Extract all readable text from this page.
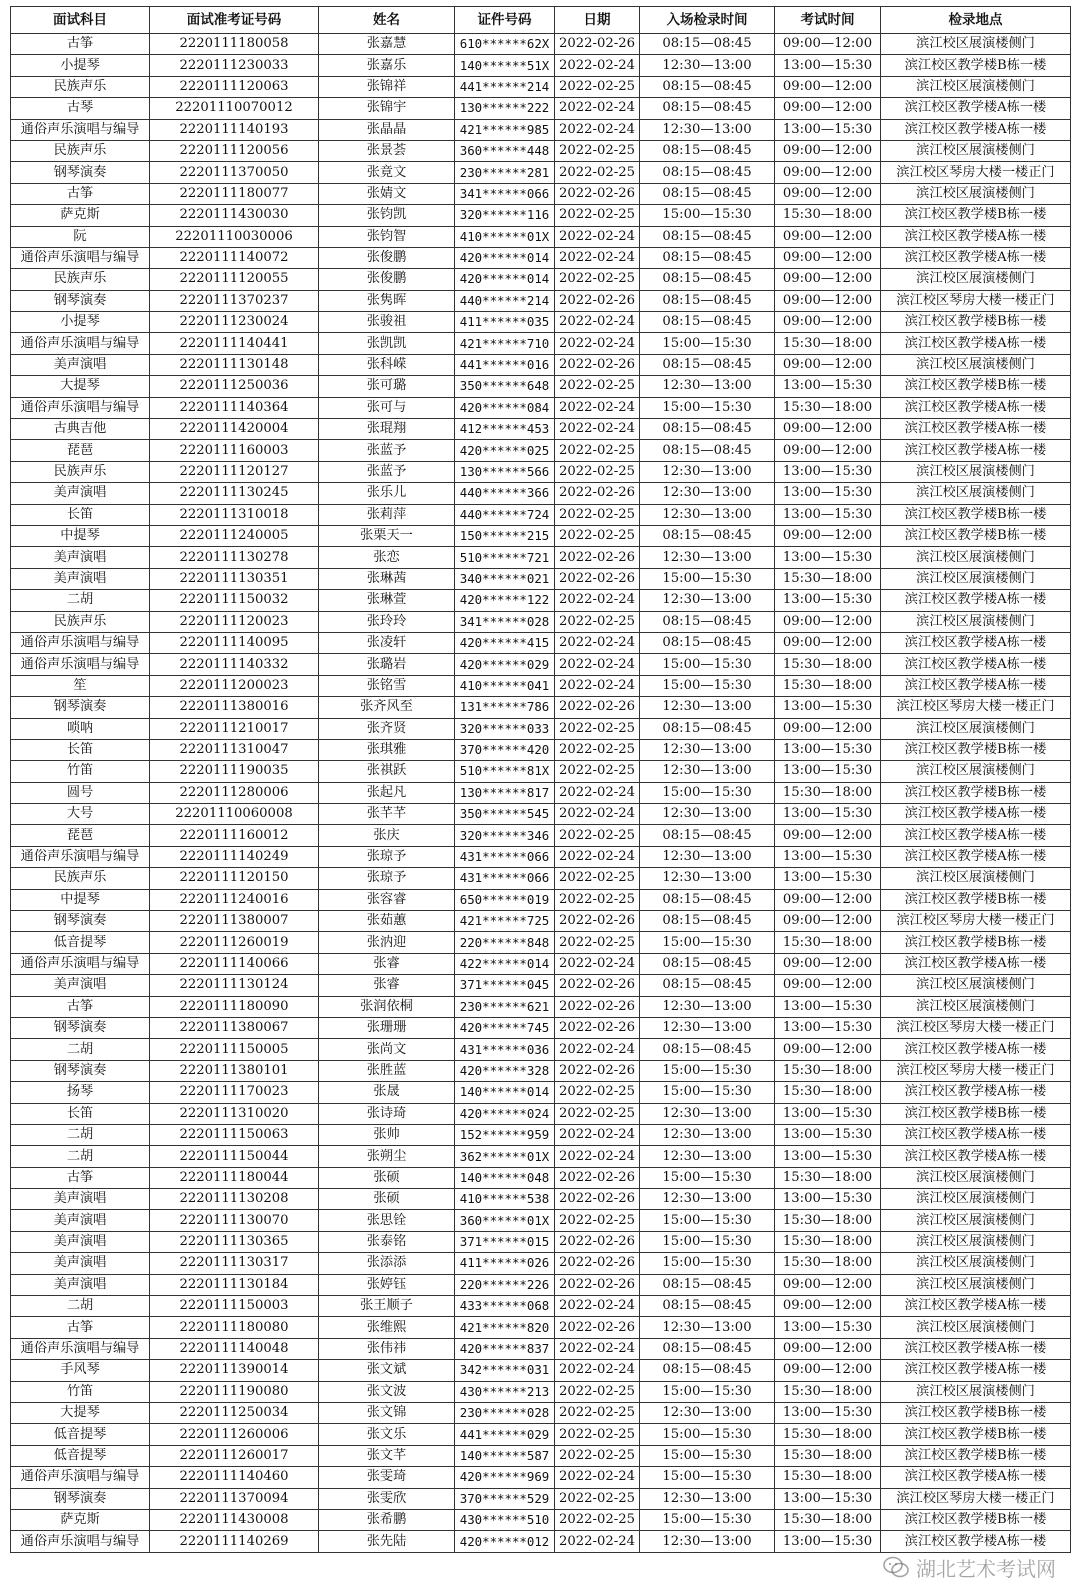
面试科目	面试准考证号码	姓名	证件号码	日期	入场检录时间	考试时间	检录地点
古筝	2220111180058	张嘉慧	610******62X	2022-02-26	08:15—08:45	09:00—12:00	滨江校区展演楼侧门
小提琴	2220111230033	张嘉乐	140******51X	2022-02-24	12:30—13:00	13:00—15:30	滨江校区教学楼B栋一楼
民族声乐	2220111120063	张锦祥	441******214	2022-02-25	08:15—08:45	09:00—12:00	滨江校区展演楼侧门
古琴	22201110070012	张锦宇	130******222	2022-02-24	08:15—08:45	09:00—12:00	滨江校区教学楼A栋一楼
通俗声乐演唱与编导	2220111140193	张晶晶	421******985	2022-02-24	12:30—13:00	13:00—15:30	滨江校区教学楼A栋一楼
民族声乐	2220111120056	张景荟	360******448	2022-02-25	08:15—08:45	09:00—12:00	滨江校区展演楼侧门
钢琴演奏	2220111370050	张竟文	230******281	2022-02-25	08:15—08:45	09:00—12:00	滨江校区琴房大楼一楼正门
古筝	2220111180077	张婧文	341******066	2022-02-26	08:15—08:45	09:00—12:00	滨江校区展演楼侧门
萨克斯	2220111430030	张钧凯	320******116	2022-02-25	15:00—15:30	15:30—18:00	滨江校区教学楼B栋一楼
阮	22201110030006	张钧智	410******01X	2022-02-24	08:15—08:45	09:00—12:00	滨江校区教学楼A栋一楼
通俗声乐演唱与编导	2220111140072	张俊鹏	420******014	2022-02-24	08:15—08:45	09:00—12:00	滨江校区教学楼A栋一楼
民族声乐	2220111120055	张俊鹏	420******014	2022-02-25	08:15—08:45	09:00—12:00	滨江校区展演楼侧门
钢琴演奏	2220111370237	张隽晖	440******214	2022-02-26	08:15—08:45	09:00—12:00	滨江校区琴房大楼一楼正门
小提琴	2220111230024	张骏祖	411******035	2022-02-24	08:15—08:45	09:00—12:00	滨江校区教学楼B栋一楼
通俗声乐演唱与编导	2220111140441	张凯凯	421******710	2022-02-24	15:00—15:30	15:30—18:00	滨江校区教学楼A栋一楼
美声演唱	2220111130148	张科嵘	441******016	2022-02-26	08:15—08:45	09:00—12:00	滨江校区展演楼侧门
大提琴	2220111250036	张可璐	350******648	2022-02-25	12:30—13:00	13:00—15:30	滨江校区教学楼B栋一楼
通俗声乐演唱与编导	2220111140364	张可与	420******084	2022-02-24	15:00—15:30	15:30—18:00	滨江校区教学楼A栋一楼
古典吉他	2220111420004	张琨翔	412******453	2022-02-24	08:15—08:45	09:00—12:00	滨江校区教学楼A栋一楼
琵琶	2220111160003	张蓝予	420******025	2022-02-25	08:15—08:45	09:00—12:00	滨江校区教学楼A栋一楼
民族声乐	2220111120127	张蓝予	130******566	2022-02-25	12:30—13:00	13:00—15:30	滨江校区展演楼侧门
美声演唱	2220111130245	张乐儿	440******366	2022-02-26	12:30—13:00	13:00—15:30	滨江校区展演楼侧门
长笛	2220111310018	张莉萍	440******724	2022-02-25	12:30—13:00	13:00—15:30	滨江校区教学楼B栋一楼
中提琴	2220111240005	张栗天一	150******215	2022-02-25	08:15—08:45	09:00—12:00	滨江校区教学楼B栋一楼
美声演唱	2220111130278	张恋	510******721	2022-02-26	12:30—13:00	13:00—15:30	滨江校区展演楼侧门
美声演唱	2220111130351	张琳茜	340******021	2022-02-26	15:00—15:30	15:30—18:00	滨江校区展演楼侧门
二胡	2220111150032	张琳萱	420******122	2022-02-24	12:30—13:00	13:00—15:30	滨江校区教学楼A栋一楼
民族声乐	2220111120023	张玲玲	341******028	2022-02-25	08:15—08:45	09:00—12:00	滨江校区展演楼侧门
通俗声乐演唱与编导	2220111140095	张凌轩	420******415	2022-02-24	08:15—08:45	09:00—12:00	滨江校区教学楼A栋一楼
通俗声乐演唱与编导	2220111140332	张璐岩	420******029	2022-02-24	15:00—15:30	15:30—18:00	滨江校区教学楼A栋一楼
笙	2220111200023	张铭雪	410******041	2022-02-24	15:00—15:30	15:30—18:00	滨江校区教学楼A栋一楼
钢琴演奏	2220111380016	张齐风至	131******786	2022-02-26	12:30—13:00	13:00—15:30	滨江校区琴房大楼一楼正门
唢呐	2220111210017	张齐贤	320******033	2022-02-25	08:15—08:45	09:00—12:00	滨江校区展演楼侧门
长笛	2220111310047	张琪雅	370******420	2022-02-25	12:30—13:00	13:00—15:30	滨江校区教学楼B栋一楼
竹笛	2220111190035	张祺跃	510******81X	2022-02-25	12:30—13:00	13:00—15:30	滨江校区展演楼侧门
圆号	2220111280006	张起凡	130******817	2022-02-24	15:00—15:30	15:30—18:00	滨江校区教学楼B栋一楼
大号	22201110060008	张芊芊	350******545	2022-02-24	12:30—13:00	13:00—15:30	滨江校区教学楼A栋一楼
琵琶	2220111160012	张庆	320******346	2022-02-25	08:15—08:45	09:00—12:00	滨江校区教学楼A栋一楼
通俗声乐演唱与编导	2220111140249	张琼予	431******066	2022-02-24	12:30—13:00	13:00—15:30	滨江校区教学楼A栋一楼
民族声乐	2220111120150	张琼予	431******066	2022-02-25	12:30—13:00	13:00—15:30	滨江校区展演楼侧门
中提琴	2220111240016	张容睿	650******019	2022-02-25	08:15—08:45	09:00—12:00	滨江校区教学楼B栋一楼
钢琴演奏	2220111380007	张茹蕙	421******725	2022-02-26	08:15—08:45	09:00—12:00	滨江校区琴房大楼一楼正门
低音提琴	2220111260019	张汭迎	220******848	2022-02-25	15:00—15:30	15:30—18:00	滨江校区教学楼B栋一楼
通俗声乐演唱与编导	2220111140066	张睿	422******014	2022-02-24	08:15—08:45	09:00—12:00	滨江校区教学楼A栋一楼
美声演唱	2220111130124	张睿	371******045	2022-02-26	08:15—08:45	09:00—12:00	滨江校区展演楼侧门
古筝	2220111180090	张润依桐	230******621	2022-02-26	12:30—13:00	13:00—15:30	滨江校区展演楼侧门
钢琴演奏	2220111380067	张珊珊	420******745	2022-02-26	12:30—13:00	13:00—15:30	滨江校区琴房大楼一楼正门
二胡	2220111150005	张尚文	431******036	2022-02-24	08:15—08:45	09:00—12:00	滨江校区教学楼A栋一楼
钢琴演奏	2220111380101	张胜蓝	420******328	2022-02-26	15:00—15:30	15:30—18:00	滨江校区琴房大楼一楼正门
扬琴	2220111170023	张晟	140******014	2022-02-25	15:00—15:30	15:30—18:00	滨江校区教学楼A栋一楼
长笛	2220111310020	张诗琦	420******024	2022-02-25	12:30—13:00	13:00—15:30	滨江校区教学楼B栋一楼
二胡	2220111150063	张帅	152******959	2022-02-24	12:30—13:00	13:00—15:30	滨江校区教学楼A栋一楼
二胡	2220111150044	张朔尘	362******01X	2022-02-24	12:30—13:00	13:00—15:30	滨江校区教学楼A栋一楼
古筝	2220111180044	张硕	140******048	2022-02-26	15:00—15:30	15:30—18:00	滨江校区展演楼侧门
美声演唱	2220111130208	张硕	410******538	2022-02-26	12:30—13:00	13:00—15:30	滨江校区展演楼侧门
美声演唱	2220111130070	张思铨	360******01X	2022-02-25	15:00—15:30	15:30—18:00	滨江校区展演楼侧门
美声演唱	2220111130365	张泰铭	371******015	2022-02-26	15:00—15:30	15:30—18:00	滨江校区展演楼侧门
美声演唱	2220111130317	张添添	411******026	2022-02-26	15:00—15:30	15:30—18:00	滨江校区展演楼侧门
美声演唱	2220111130184	张婷钰	220******226	2022-02-26	08:15—08:45	09:00—12:00	滨江校区展演楼侧门
二胡	2220111150003	张王顺子	433******068	2022-02-24	08:15—08:45	09:00—12:00	滨江校区教学楼A栋一楼
古筝	2220111180080	张维熙	421******820	2022-02-26	12:30—13:00	13:00—15:30	滨江校区展演楼侧门
通俗声乐演唱与编导	2220111140048	张伟祎	420******837	2022-02-24	08:15—08:45	09:00—12:00	滨江校区教学楼A栋一楼
手风琴	2220111390014	张文斌	342******031	2022-02-24	08:15—08:45	09:00—12:00	滨江校区教学楼A栋一楼
竹笛	2220111190080	张文波	430******213	2022-02-25	15:00—15:30	15:30—18:00	滨江校区展演楼侧门
大提琴	2220111250034	张文锦	230******028	2022-02-25	12:30—13:00	13:00—15:30	滨江校区教学楼B栋一楼
低音提琴	2220111260006	张文乐	441******029	2022-02-25	15:00—15:30	15:30—18:00	滨江校区教学楼B栋一楼
低音提琴	2220111260017	张文芊	140******587	2022-02-25	15:00—15:30	15:30—18:00	滨江校区教学楼B栋一楼
通俗声乐演唱与编导	2220111140460	张雯琦	420******969	2022-02-24	15:00—15:30	15:30—18:00	滨江校区教学楼A栋一楼
钢琴演奏	2220111370094	张雯欣	370******529	2022-02-25	12:30—13:00	13:00—15:30	滨江校区琴房大楼一楼正门
萨克斯	2220111430008	张希鹏	430******510	2022-02-25	15:00—15:30	15:30—18:00	滨江校区教学楼B栋一楼
通俗声乐演唱与编导	2220111140269	张先陆	420******012	2022-02-24	12:30—13:00	13:00—15:30	滨江校区教学楼A栋一楼
湖北艺术考试网
